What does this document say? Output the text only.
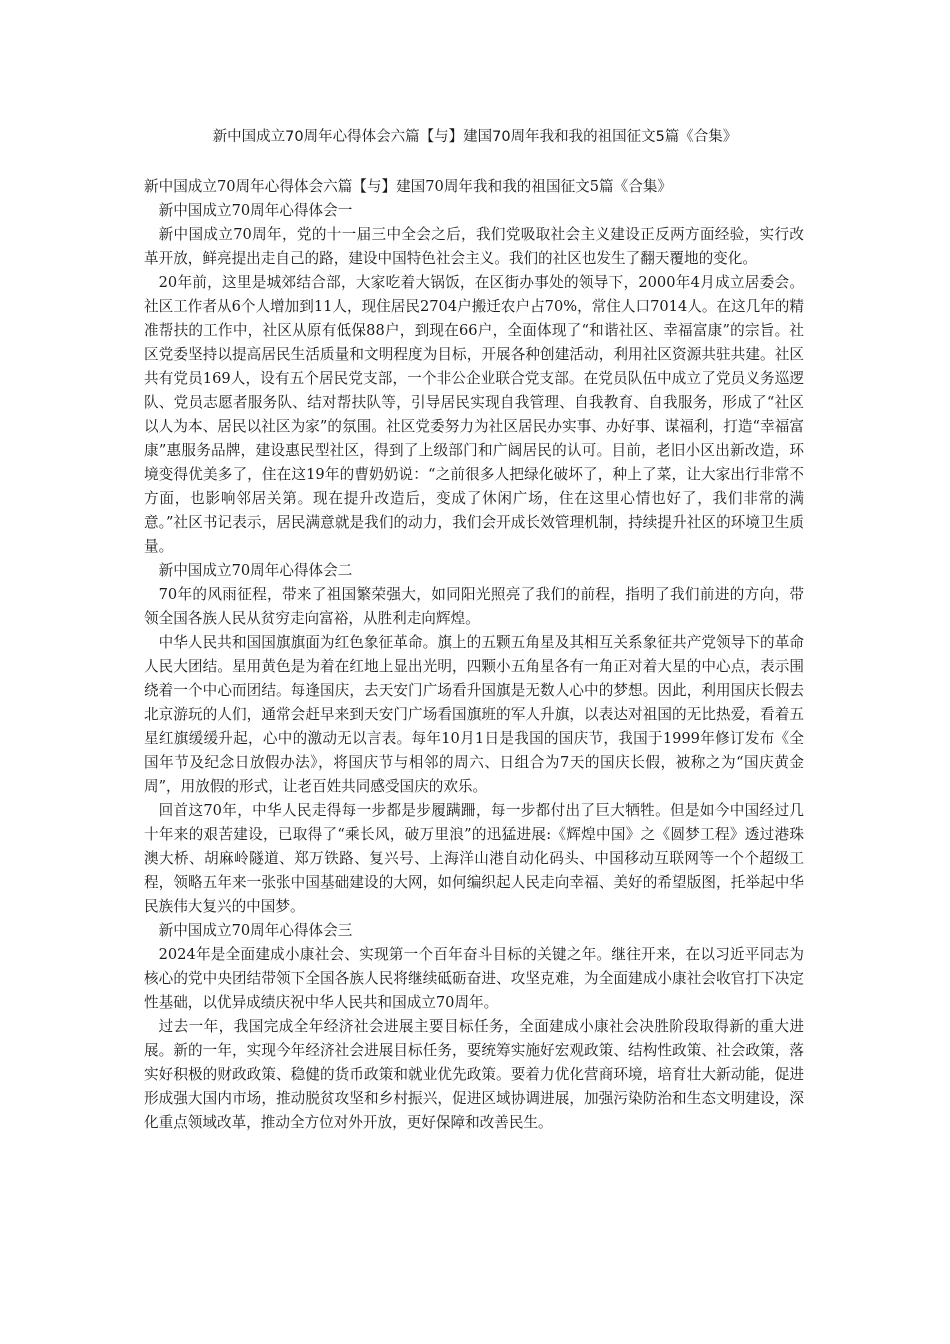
新中国成立70周年心得体会六篇【与】建国70周年我和我的祖国征文5篇《合集》

新中国成立70周年心得体会六篇【与】建国70周年我和我的祖国征文5篇《合集》

新中国成立70周年心得体会一

新中国成立70周年，党的十一届三中全会之后，我们党吸取社会主义建设正反两方面经验，实行改革开放，鲜亮提出走自己的路，建设中国特色社会主义。我们的社区也发生了翻天覆地的变化。

20年前，这里是城郊结合部，大家吃着大锅饭，在区街办事处的领导下，2000年4月成立居委会。 社区工作者从6个人增加到11人，现住居民2704户搬迁农户占70%，常住人口7014人。在这几年的精准帮扶的工作中，社区从原有低保88户，到现在66户，全面体现了“和谐社区、幸福富康”的宗旨。社区党委坚持以提高居民生活质量和文明程度为目标，开展各种创建活动，利用社区资源共驻共建。社区共有党员169人，设有五个居民党支部，一个非公企业联合党支部。在党员队伍中成立了党员义务巡逻队、党员志愿者服务队、结对帮扶队等，引导居民实现自我管理、自我教育、自我服务，形成了“社区以人为本、居民以社区为家”的氛围。社区党委努力为社区居民办实事、办好事、谋福利，打造“幸福富康”惠服务品牌，建设惠民型社区，得到了上级部门和广阔居民的认可。目前，老旧小区出新改造，环境变得优美多了，住在这19年的曹奶奶说：“之前很多人把绿化破坏了，种上了菜，让大家出行非常不方面，也影响邻居关第。现在提升改造后，变成了休闲广场，住在这里心情也好了，我们非常的满意。”社区书记表示，居民满意就是我们的动力，我们会开成长效管理机制，持续提升社区的环境卫生质量。

新中国成立70周年心得体会二

70年的风雨征程，带来了祖国繁荣强大，如同阳光照亮了我们的前程，指明了我们前进的方向，带领全国各族人民从贫穷走向富裕，从胜利走向辉煌。

中华人民共和国国旗旗面为红色象征革命。旗上的五颗五角星及其相互关系象征共产党领导下的革命人民大团结。星用黄色是为着在红地上显出光明，四颗小五角星各有一角正对着大星的中心点，表示围绕着一个中心而团结。每逢国庆，去天安门广场看升国旗是无数人心中的梦想。因此，利用国庆长假去北京游玩的人们，通常会赶早来到天安门广场看国旗班的军人升旗，以表达对祖国的无比热爱，看着五星红旗缓缓升起，心中的激动无以言表。每年10月1日是我国的国庆节，我国于1999年修订发布《全国年节及纪念日放假办法》，将国庆节与相邻的周六、日组合为7天的国庆长假，被称之为“国庆黄金周”，用放假的形式，让老百姓共同感受国庆的欢乐。

回首这70年，中华人民走得每一步都是步履蹒跚，每一步都付出了巨大牺牲。但是如今中国经过几十年来的艰苦建设，已取得了“乘长风，破万里浪”的迅猛进展:《辉煌中国》之《圆梦工程》透过港珠澳大桥、胡麻岭隧道、郑万铁路、复兴号、上海洋山港自动化码头、中国移动互联网等一个个超级工程，领略五年来一张张中国基础建设的大网，如何编织起人民走向幸福、美好的希望版图，托举起中华民族伟大复兴的中国梦。

新中国成立70周年心得体会三

2024年是全面建成小康社会、实现第一个百年奋斗目标的关键之年。继往开来，在以习近平同志为核心的党中央团结带领下全国各族人民将继续砥砺奋进、攻坚克难，为全面建成小康社会收官打下决定性基础，以优异成绩庆祝中华人民共和国成立70周年。

过去一年，我国完成全年经济社会进展主要目标任务，全面建成小康社会决胜阶段取得新的重大进展。新的一年，实现今年经济社会进展目标任务，要统筹实施好宏观政策、结构性政策、社会政策，落实好积极的财政政策、稳健的货币政策和就业优先政策。要着力优化营商环境，培育壮大新动能，促进形成强大国内市场，推动脱贫攻坚和乡村振兴，促进区域协调进展，加强污染防治和生态文明建设，深化重点领域改革，推动全方位对外开放，更好保障和改善民生。
